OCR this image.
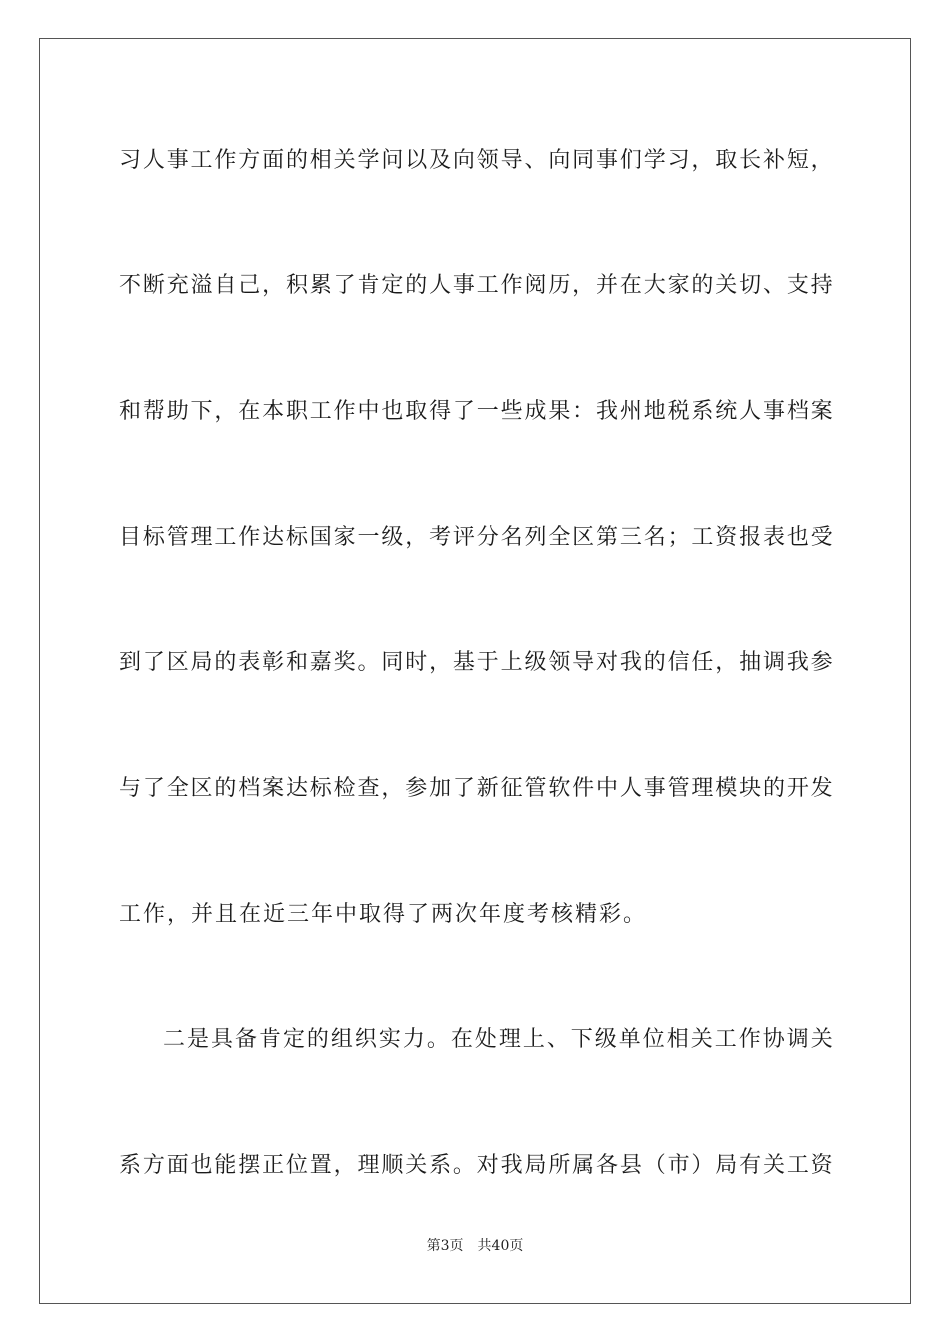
习人事工作方面的相关学问以及向领导、向同事们学习，取长补短，
不断充溢自己，积累了肯定的人事工作阅历，并在大家的关切、支持
和帮助下，在本职工作中也取得了一些成果：我州地税系统人事档案
目标管理工作达标国家一级，考评分名列全区第三名；工资报表也受
到了区局的表彰和嘉奖。同时，基于上级领导对我的信任，抽调我参
与了全区的档案达标检查，参加了新征管软件中人事管理模块的开发
工作，并且在近三年中取得了两次年度考核精彩。
二是具备肯定的组织实力。在处理上、下级单位相关工作协调关
系方面也能摆正位置，理顺关系。对我局所属各县（市）局有关工资
第3页 共40页
